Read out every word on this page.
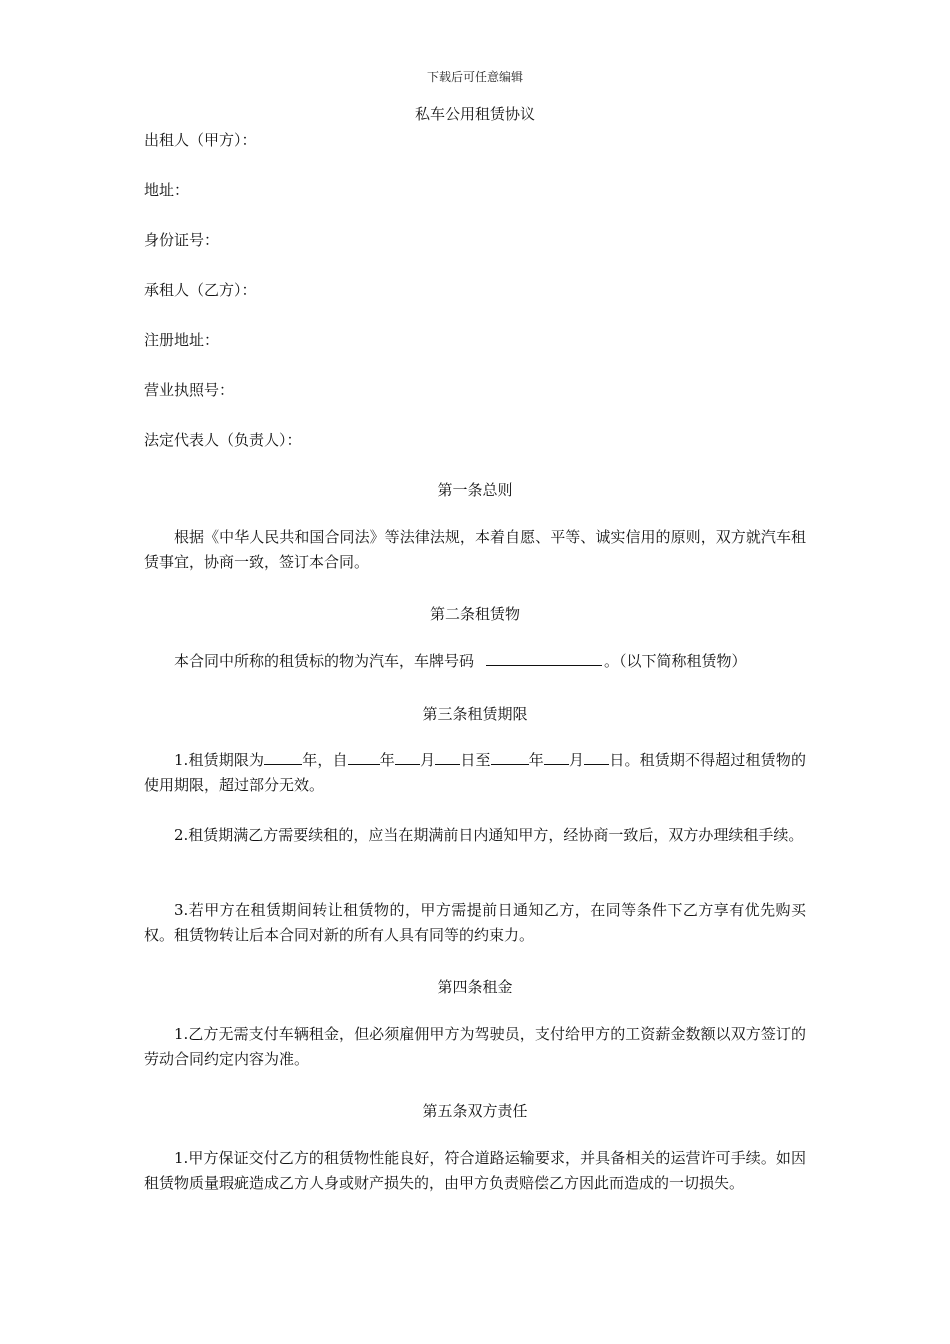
下载后可任意编辑
私车公用租赁协议
出租人（甲方）：
地址：
身份证号：
承租人（乙方）：
注册地址：
营业执照号：
法定代表人（负责人）：
第一条总则
根据《中华人民共和国合同法》等法律法规，本着自愿、平等、诚实信用的原则，双方就汽车租赁事宜，协商一致，签订本合同。
第二条租赁物
本合同中所称的租赁标的物为汽车，车牌号码	。（以下简称租赁物）
第三条租赁期限
1.租赁期限为	年，自 年 月 日至	年 月 日。租赁期不得超过租赁物的使用期限，超过部分无效。
2.租赁期满乙方需要续租的，应当在期满前日内通知甲方，经协商一致后，双方办理续租手续。
3.若甲方在租赁期间转让租赁物的，甲方需提前日通知乙方，在同等条件下乙方享有优先购买权。租赁物转让后本合同对新的所有人具有同等的约束力。
第四条租金
1.乙方无需支付车辆租金，但必须雇佣甲方为驾驶员，支付给甲方的工资薪金数额以双方签订的劳动合同约定内容为准。
第五条双方责任
1.甲方保证交付乙方的租赁物性能良好，符合道路运输要求，并具备相关的运营许可手续。如因租赁物质量瑕疵造成乙方人身或财产损失的，由甲方负责赔偿乙方因此而造成的一切损失。
